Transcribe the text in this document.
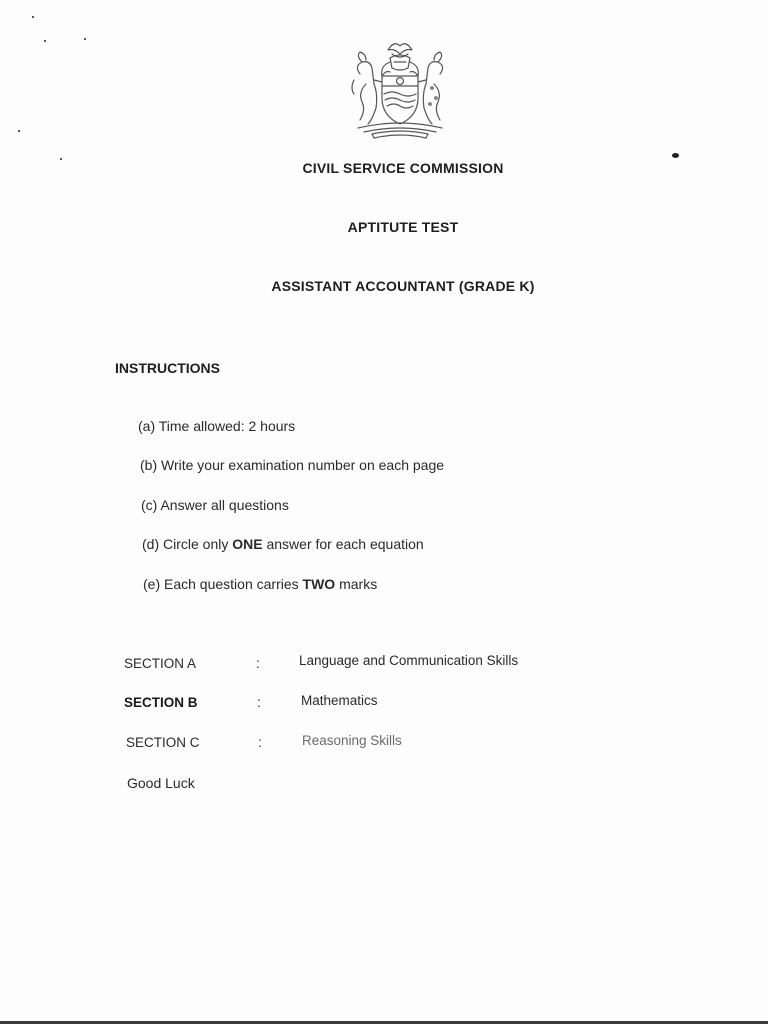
CIVIL SERVICE COMMISSION
APTITUTE TEST
ASSISTANT ACCOUNTANT (GRADE K)
INSTRUCTIONS
(a) Time allowed: 2 hours
(b) Write your examination number on each page
(c) Answer all questions
(d) Circle only ONE answer for each equation
(e) Each question carries TWO marks
SECTION A	:	Language and Communication Skills
SECTION B	:	Mathematics
SECTION C	:	Reasoning Skills
Good Luck
